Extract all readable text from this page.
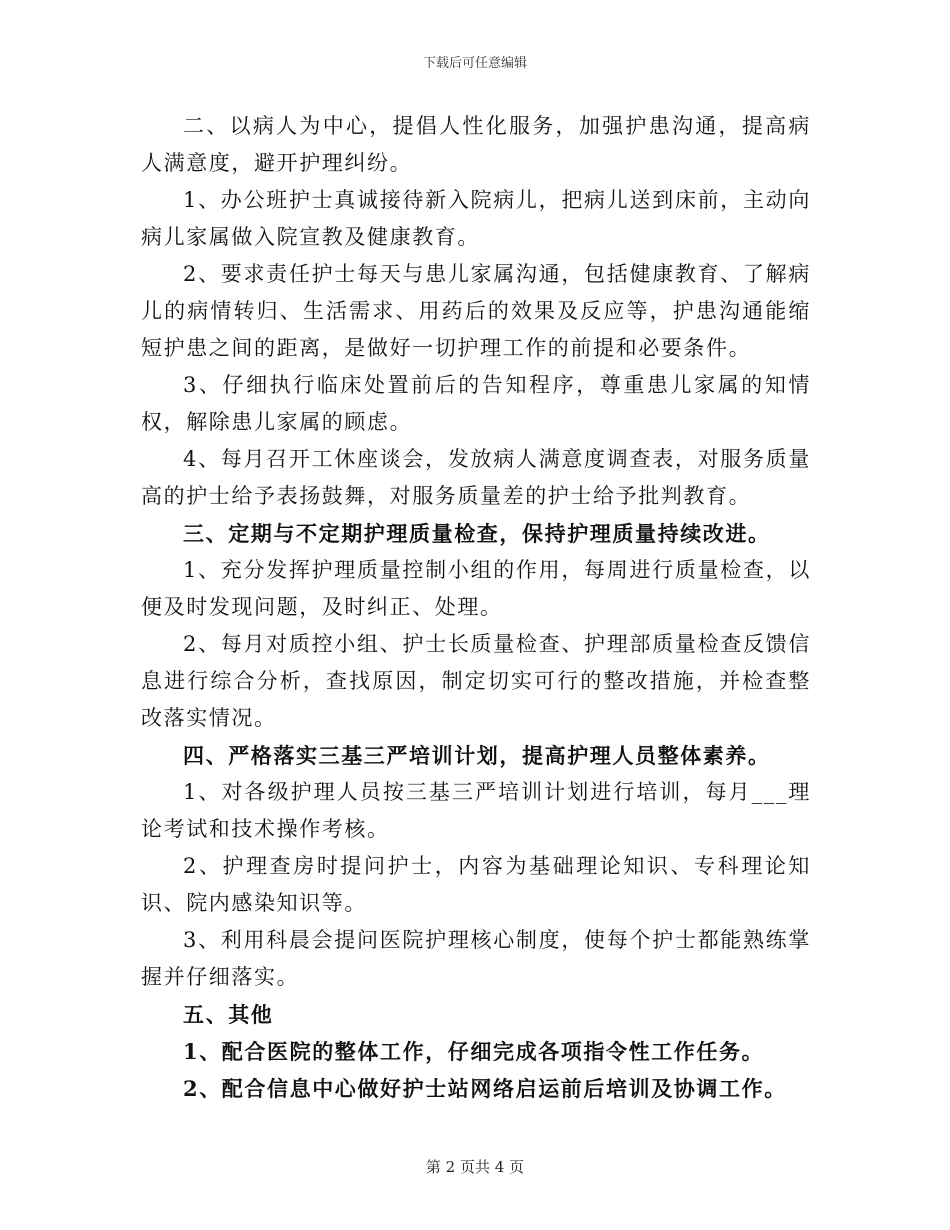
下载后可任意编辑

二、以病人为中心，提倡人性化服务，加强护患沟通，提高病人满意度，避开护理纠纷。

1、办公班护士真诚接待新入院病儿，把病儿送到床前，主动向病儿家属做入院宣教及健康教育。

2、要求责任护士每天与患儿家属沟通，包括健康教育、了解病儿的病情转归、生活需求、用药后的效果及反应等，护患沟通能缩短护患之间的距离，是做好一切护理工作的前提和必要条件。

3、仔细执行临床处置前后的告知程序，尊重患儿家属的知情权，解除患儿家属的顾虑。

4、每月召开工休座谈会，发放病人满意度调查表，对服务质量高的护士给予表扬鼓舞，对服务质量差的护士给予批判教育。

三、定期与不定期护理质量检查，保持护理质量持续改进。

1、充分发挥护理质量控制小组的作用，每周进行质量检查，以便及时发现问题，及时纠正、处理。

2、每月对质控小组、护士长质量检查、护理部质量检查反馈信息进行综合分析，查找原因，制定切实可行的整改措施，并检查整改落实情况。

四、严格落实三基三严培训计划，提高护理人员整体素养。

1、对各级护理人员按三基三严培训计划进行培训，每月___理论考试和技术操作考核。

2、护理查房时提问护士，内容为基础理论知识、专科理论知识、院内感染知识等。

3、利用科晨会提问医院护理核心制度，使每个护士都能熟练掌握并仔细落实。

五、其他

1、配合医院的整体工作，仔细完成各项指令性工作任务。

2、配合信息中心做好护士站网络启运前后培训及协调工作。

第 2 页共 4 页
